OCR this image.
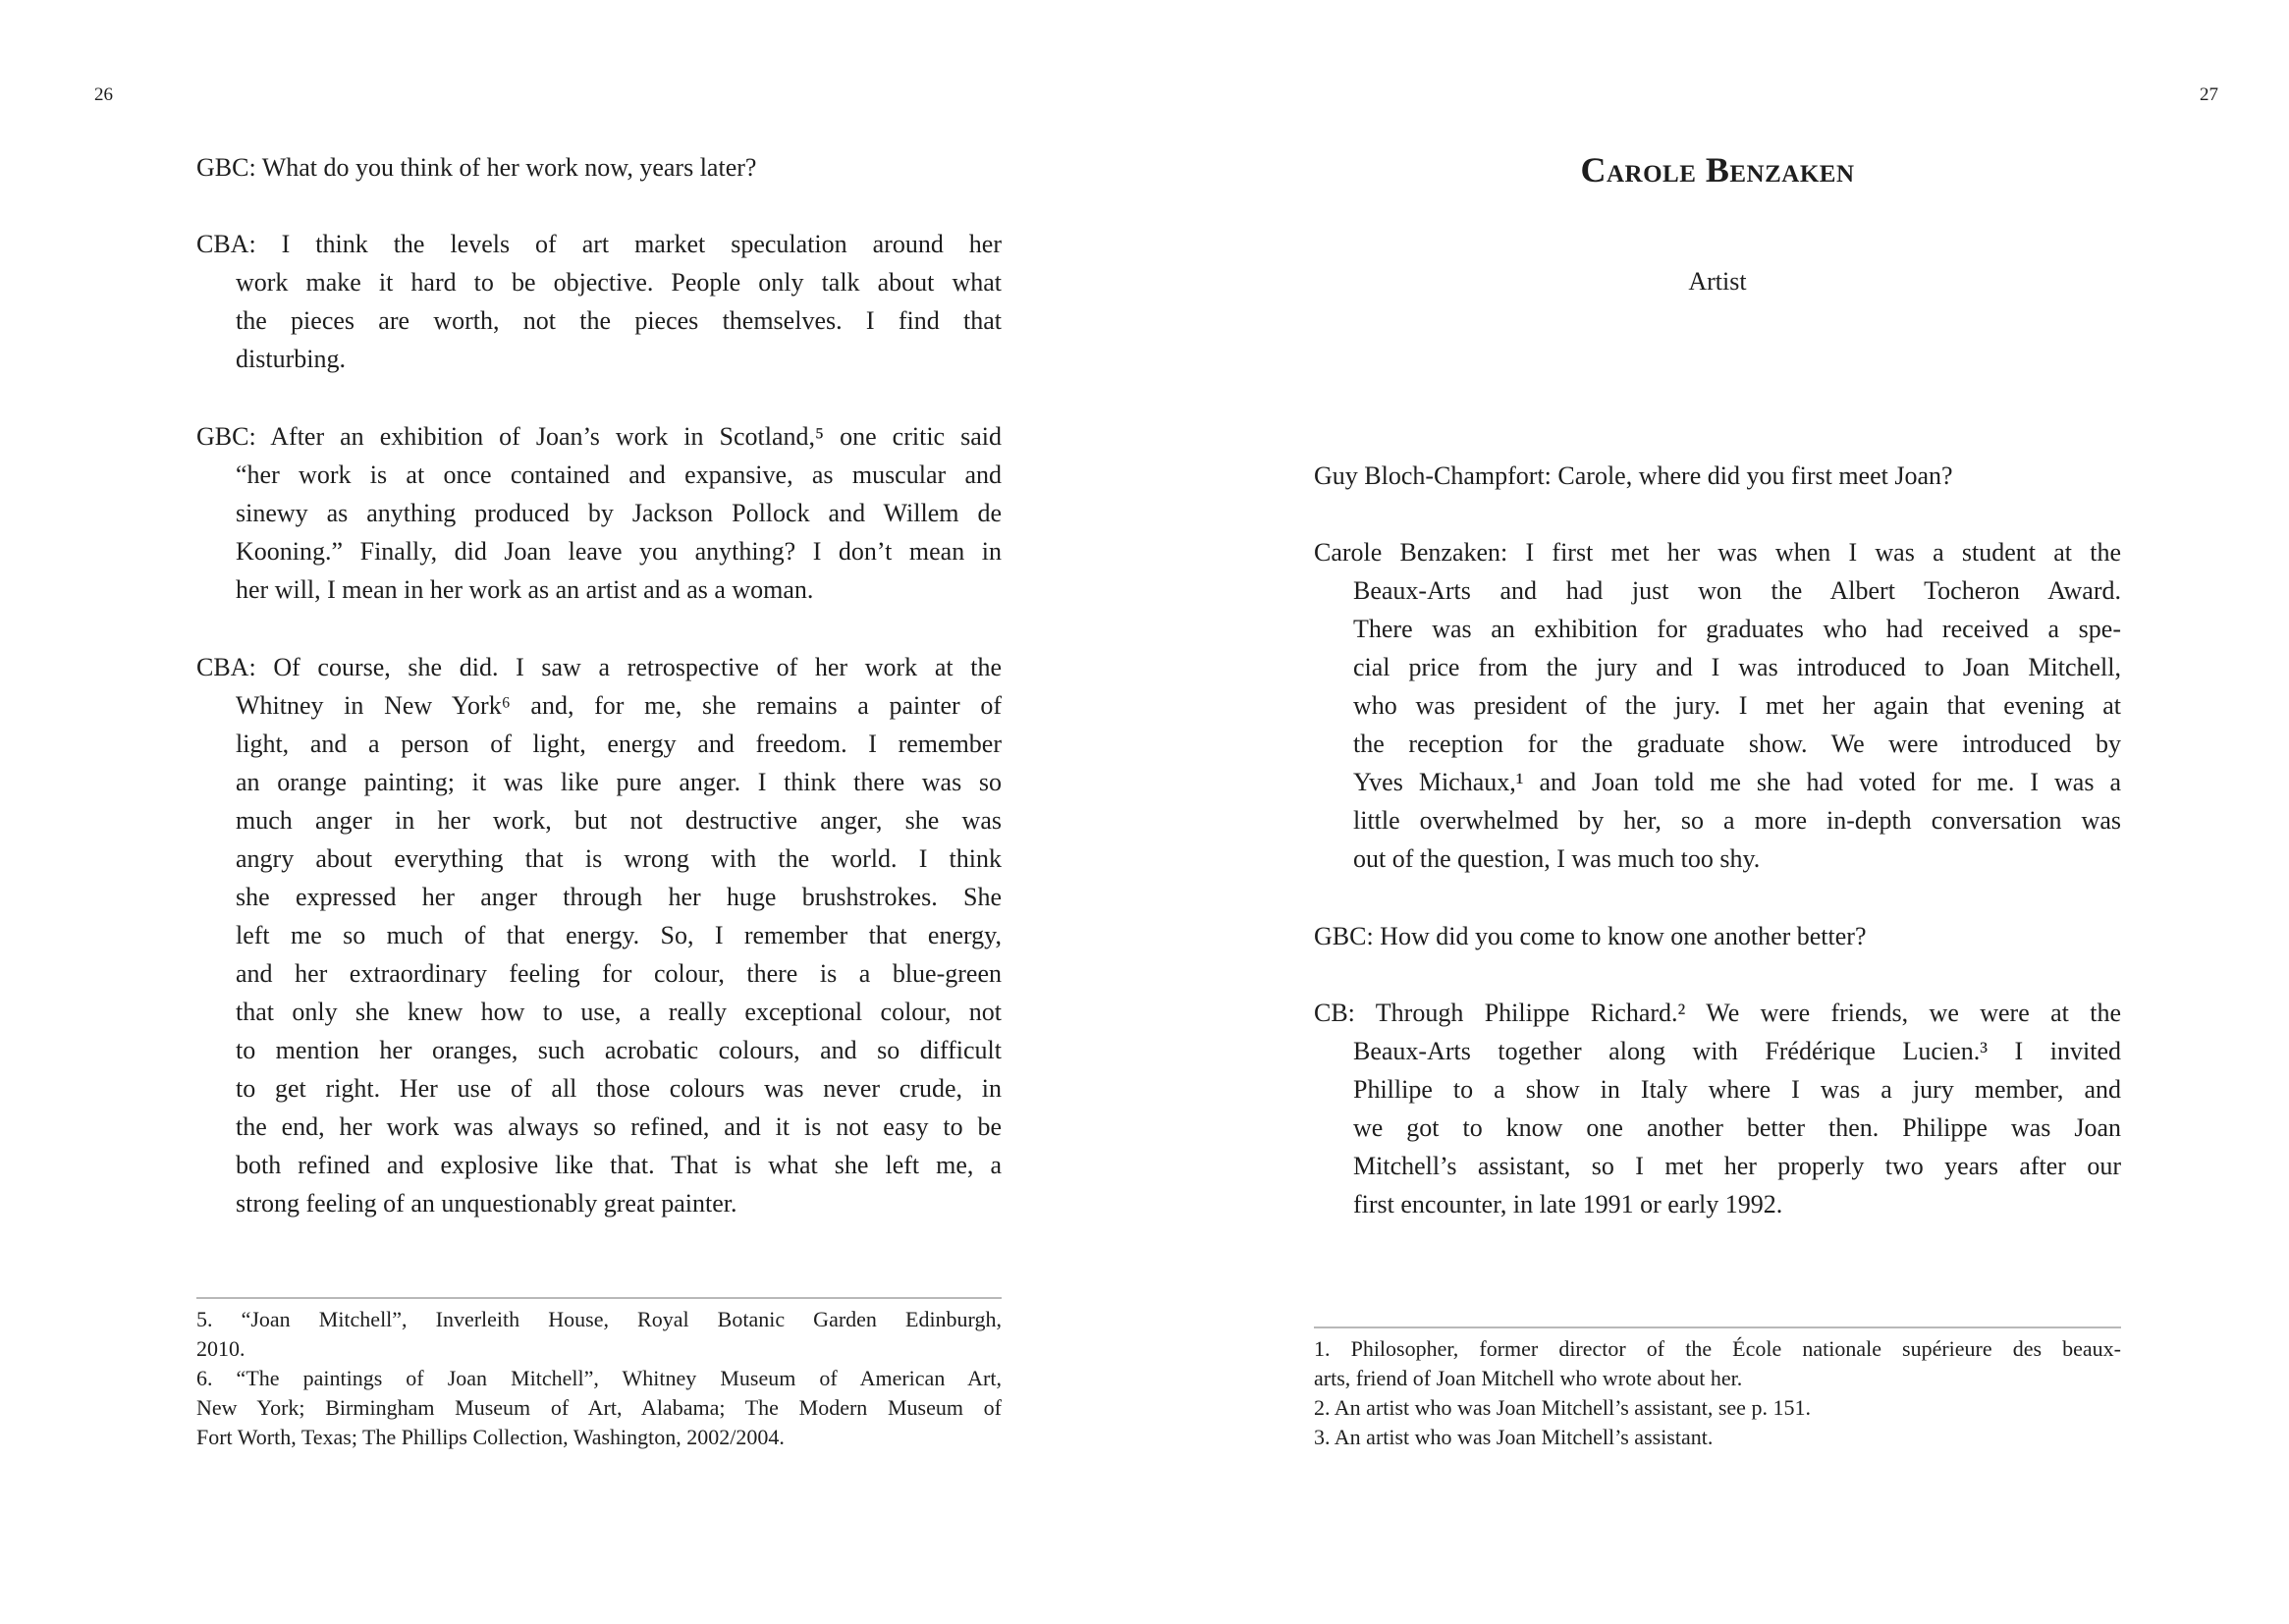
26	27
Carole Benzaken
Artist
GBC: What do you think of her work now, years later?
CBA: I think the levels of art market speculation around her
work make it hard to be objective. People only talk about what
the pieces are worth, not the pieces themselves. I find that
disturbing.
GBC: After an exhibition of Joan’s work in Scotland,⁵ one critic said
“her work is at once contained and expansive, as muscular and
sinewy as anything produced by Jackson Pollock and Willem de
Kooning.” Finally, did Joan leave you anything? I don’t mean in
her will, I mean in her work as an artist and as a woman.
CBA: Of course, she did. I saw a retrospective of her work at the
Whitney in New York⁶ and, for me, she remains a painter of
light, and a person of light, energy and freedom. I remember
an orange painting; it was like pure anger. I think there was so
much anger in her work, but not destructive anger, she was
angry about everything that is wrong with the world. I think
she expressed her anger through her huge brushstrokes. She
left me so much of that energy. So, I remember that energy,
and her extraordinary feeling for colour, there is a blue-green
that only she knew how to use, a really exceptional colour, not
to mention her oranges, such acrobatic colours, and so difficult
to get right. Her use of all those colours was never crude, in
the end, her work was always so refined, and it is not easy to be
both refined and explosive like that. That is what she left me, a
strong feeling of an unquestionably great painter.
Guy Bloch-Champfort: Carole, where did you first meet Joan?
Carole Benzaken: I first met her was when I was a student at the
Beaux-Arts and had just won the Albert Tocheron Award.
There was an exhibition for graduates who had received a spe-
cial price from the jury and I was introduced to Joan Mitchell,
who was president of the jury. I met her again that evening at
the reception for the graduate show. We were introduced by
Yves Michaux,¹ and Joan told me she had voted for me. I was a
little overwhelmed by her, so a more in-depth conversation was
out of the question, I was much too shy.
GBC: How did you come to know one another better?
CB: Through Philippe Richard.² We were friends, we were at the
Beaux-Arts together along with Frédérique Lucien.³ I invited
Phillipe to a show in Italy where I was a jury member, and
we got to know one another better then. Philippe was Joan
Mitchell’s assistant, so I met her properly two years after our
first encounter, in late 1991 or early 1992.
5. “Joan Mitchell”, Inverleith House, Royal Botanic Garden Edinburgh,
2010.
6. “The paintings of Joan Mitchell”, Whitney Museum of American Art,
New York; Birmingham Museum of Art, Alabama; The Modern Museum of
Fort Worth, Texas; The Phillips Collection, Washington, 2002/2004.
1. Philosopher, former director of the École nationale supérieure des beaux-
arts, friend of Joan Mitchell who wrote about her.
2. An artist who was Joan Mitchell’s assistant, see p. 151.
3. An artist who was Joan Mitchell’s assistant.
